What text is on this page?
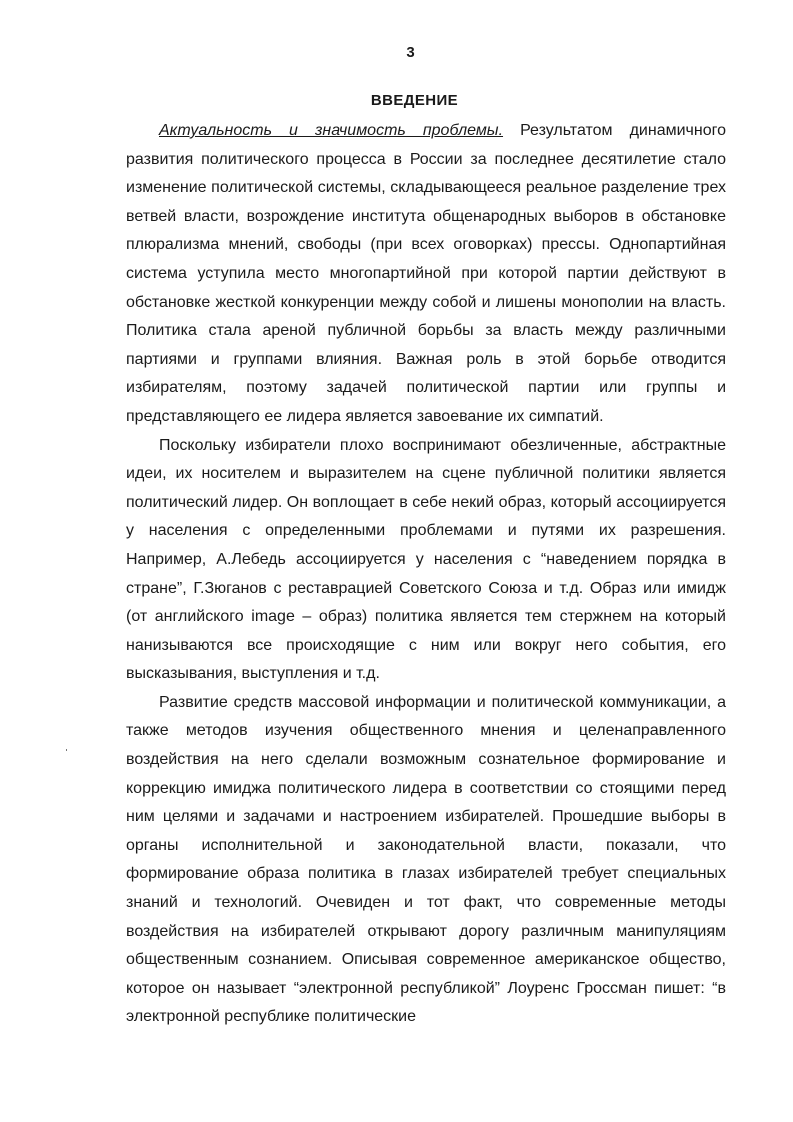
3
ВВЕДЕНИЕ

Актуальность и значимость проблемы. Результатом динамичного развития политического процесса в России за последнее десятилетие стало изменение политической системы, складывающееся реальное разделение трех ветвей власти, возрождение института общенародных выборов в обстановке плюрализма мнений, свободы (при всех оговорках) прессы. Однопартийная система уступила место многопартийной при которой партии действуют в обстановке жесткой конкуренции между собой и лишены монополии на власть. Политика стала ареной публичной борьбы за власть между различными партиями и группами влияния. Важная роль в этой борьбе отводится избирателям, поэтому задачей политической партии или группы и представляющего ее лидера является завоевание их симпатий.

Поскольку избиратели плохо воспринимают обезличенные, абстрактные идеи, их носителем и выразителем на сцене публичной политики является политический лидер. Он воплощает в себе некий образ, который ассоциируется у населения с определенными проблемами и путями их разрешения. Например, А.Лебедь ассоциируется у населения с “наведением порядка в стране”, Г.Зюганов с реставрацией Советского Союза и т.д. Образ или имидж (от английского image – образ) политика является тем стержнем на который нанизываются все происходящие с ним или вокруг него события, его высказывания, выступления и т.д.

Развитие средств массовой информации и политической коммуникации, а также методов изучения общественного мнения и целенаправленного воздействия на него сделали возможным сознательное формирование и коррекцию имиджа политического лидера в соответствии со стоящими перед ним целями и задачами и настроением избирателей. Прошедшие выборы в органы исполнительной и законодательной власти, показали, что формирование образа политика в глазах избирателей требует специальных знаний и технологий. Очевиден и тот факт, что современные методы воздействия на избирателей открывают дорогу различным манипуляциям общественным сознанием. Описывая современное американское общество, которое он называет “электронной республикой” Лоуренс Гроссман пишет: “в электронной республике политические
